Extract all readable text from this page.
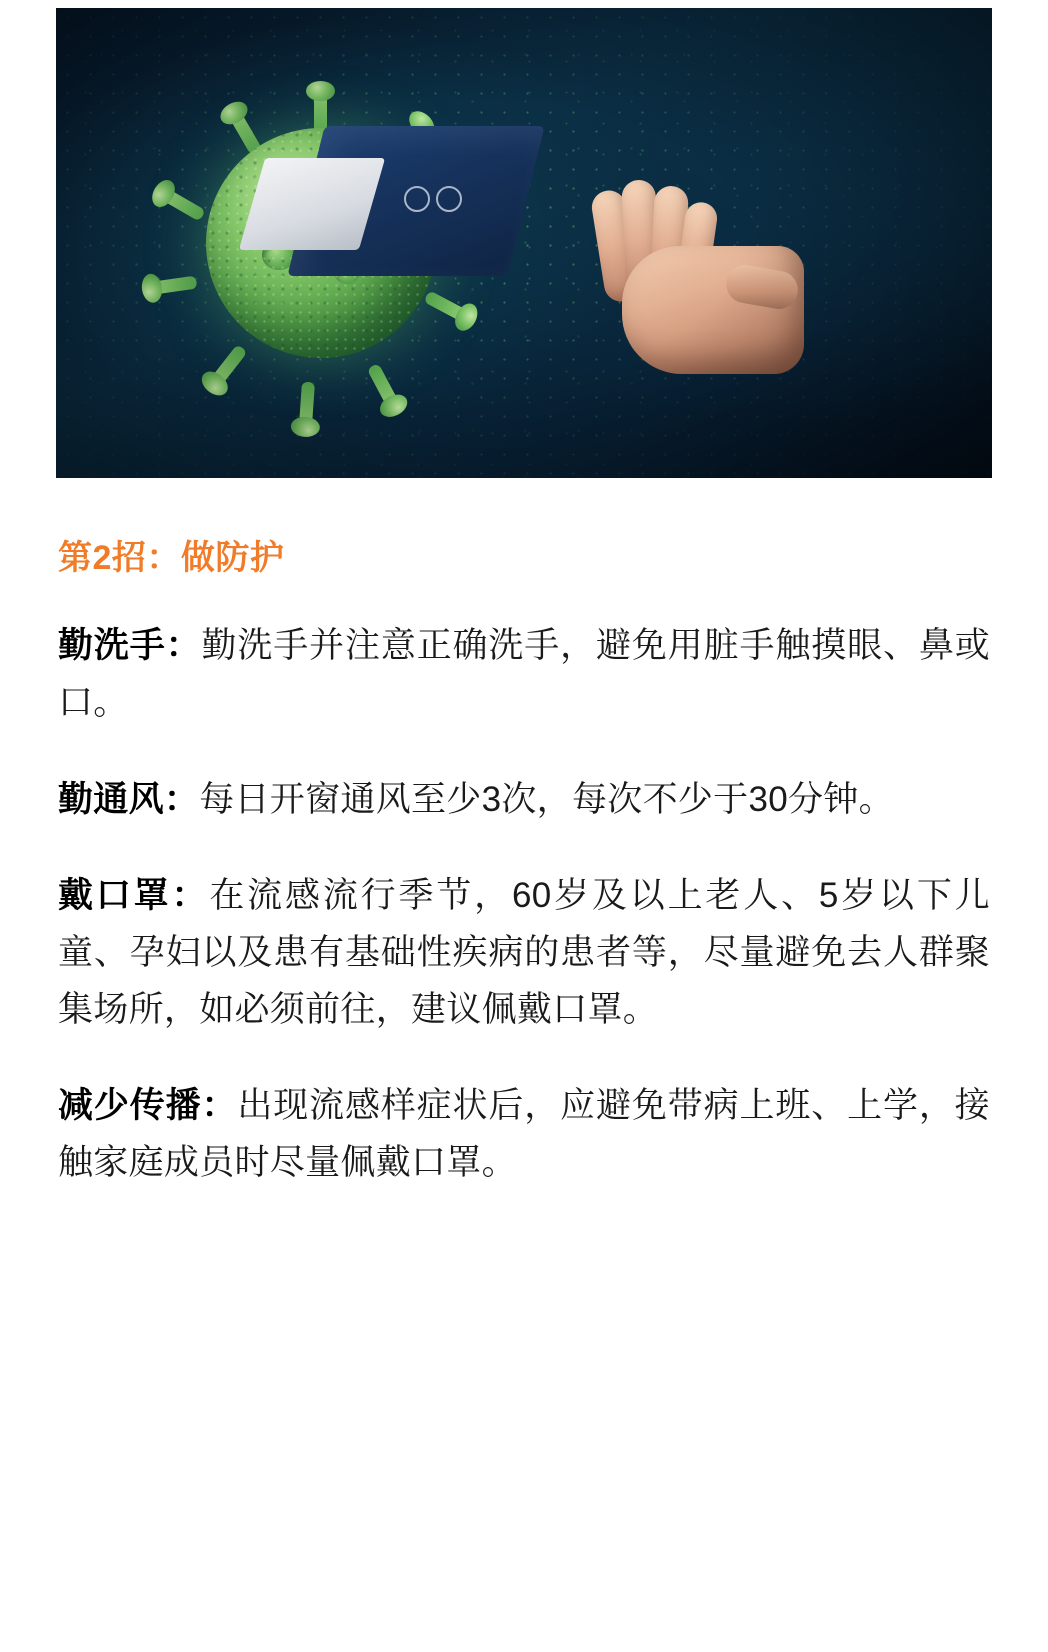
第2招：做防护

勤洗手：勤洗手并注意正确洗手，避免用脏手触摸眼、鼻或口。

勤通风：每日开窗通风至少3次，每次不少于30分钟。

戴口罩：在流感流行季节，60岁及以上老人、5岁以下儿童、孕妇以及患有基础性疾病的患者等，尽量避免去人群聚集场所，如必须前往，建议佩戴口罩。

减少传播：出现流感样症状后，应避免带病上班、上学，接触家庭成员时尽量佩戴口罩。
